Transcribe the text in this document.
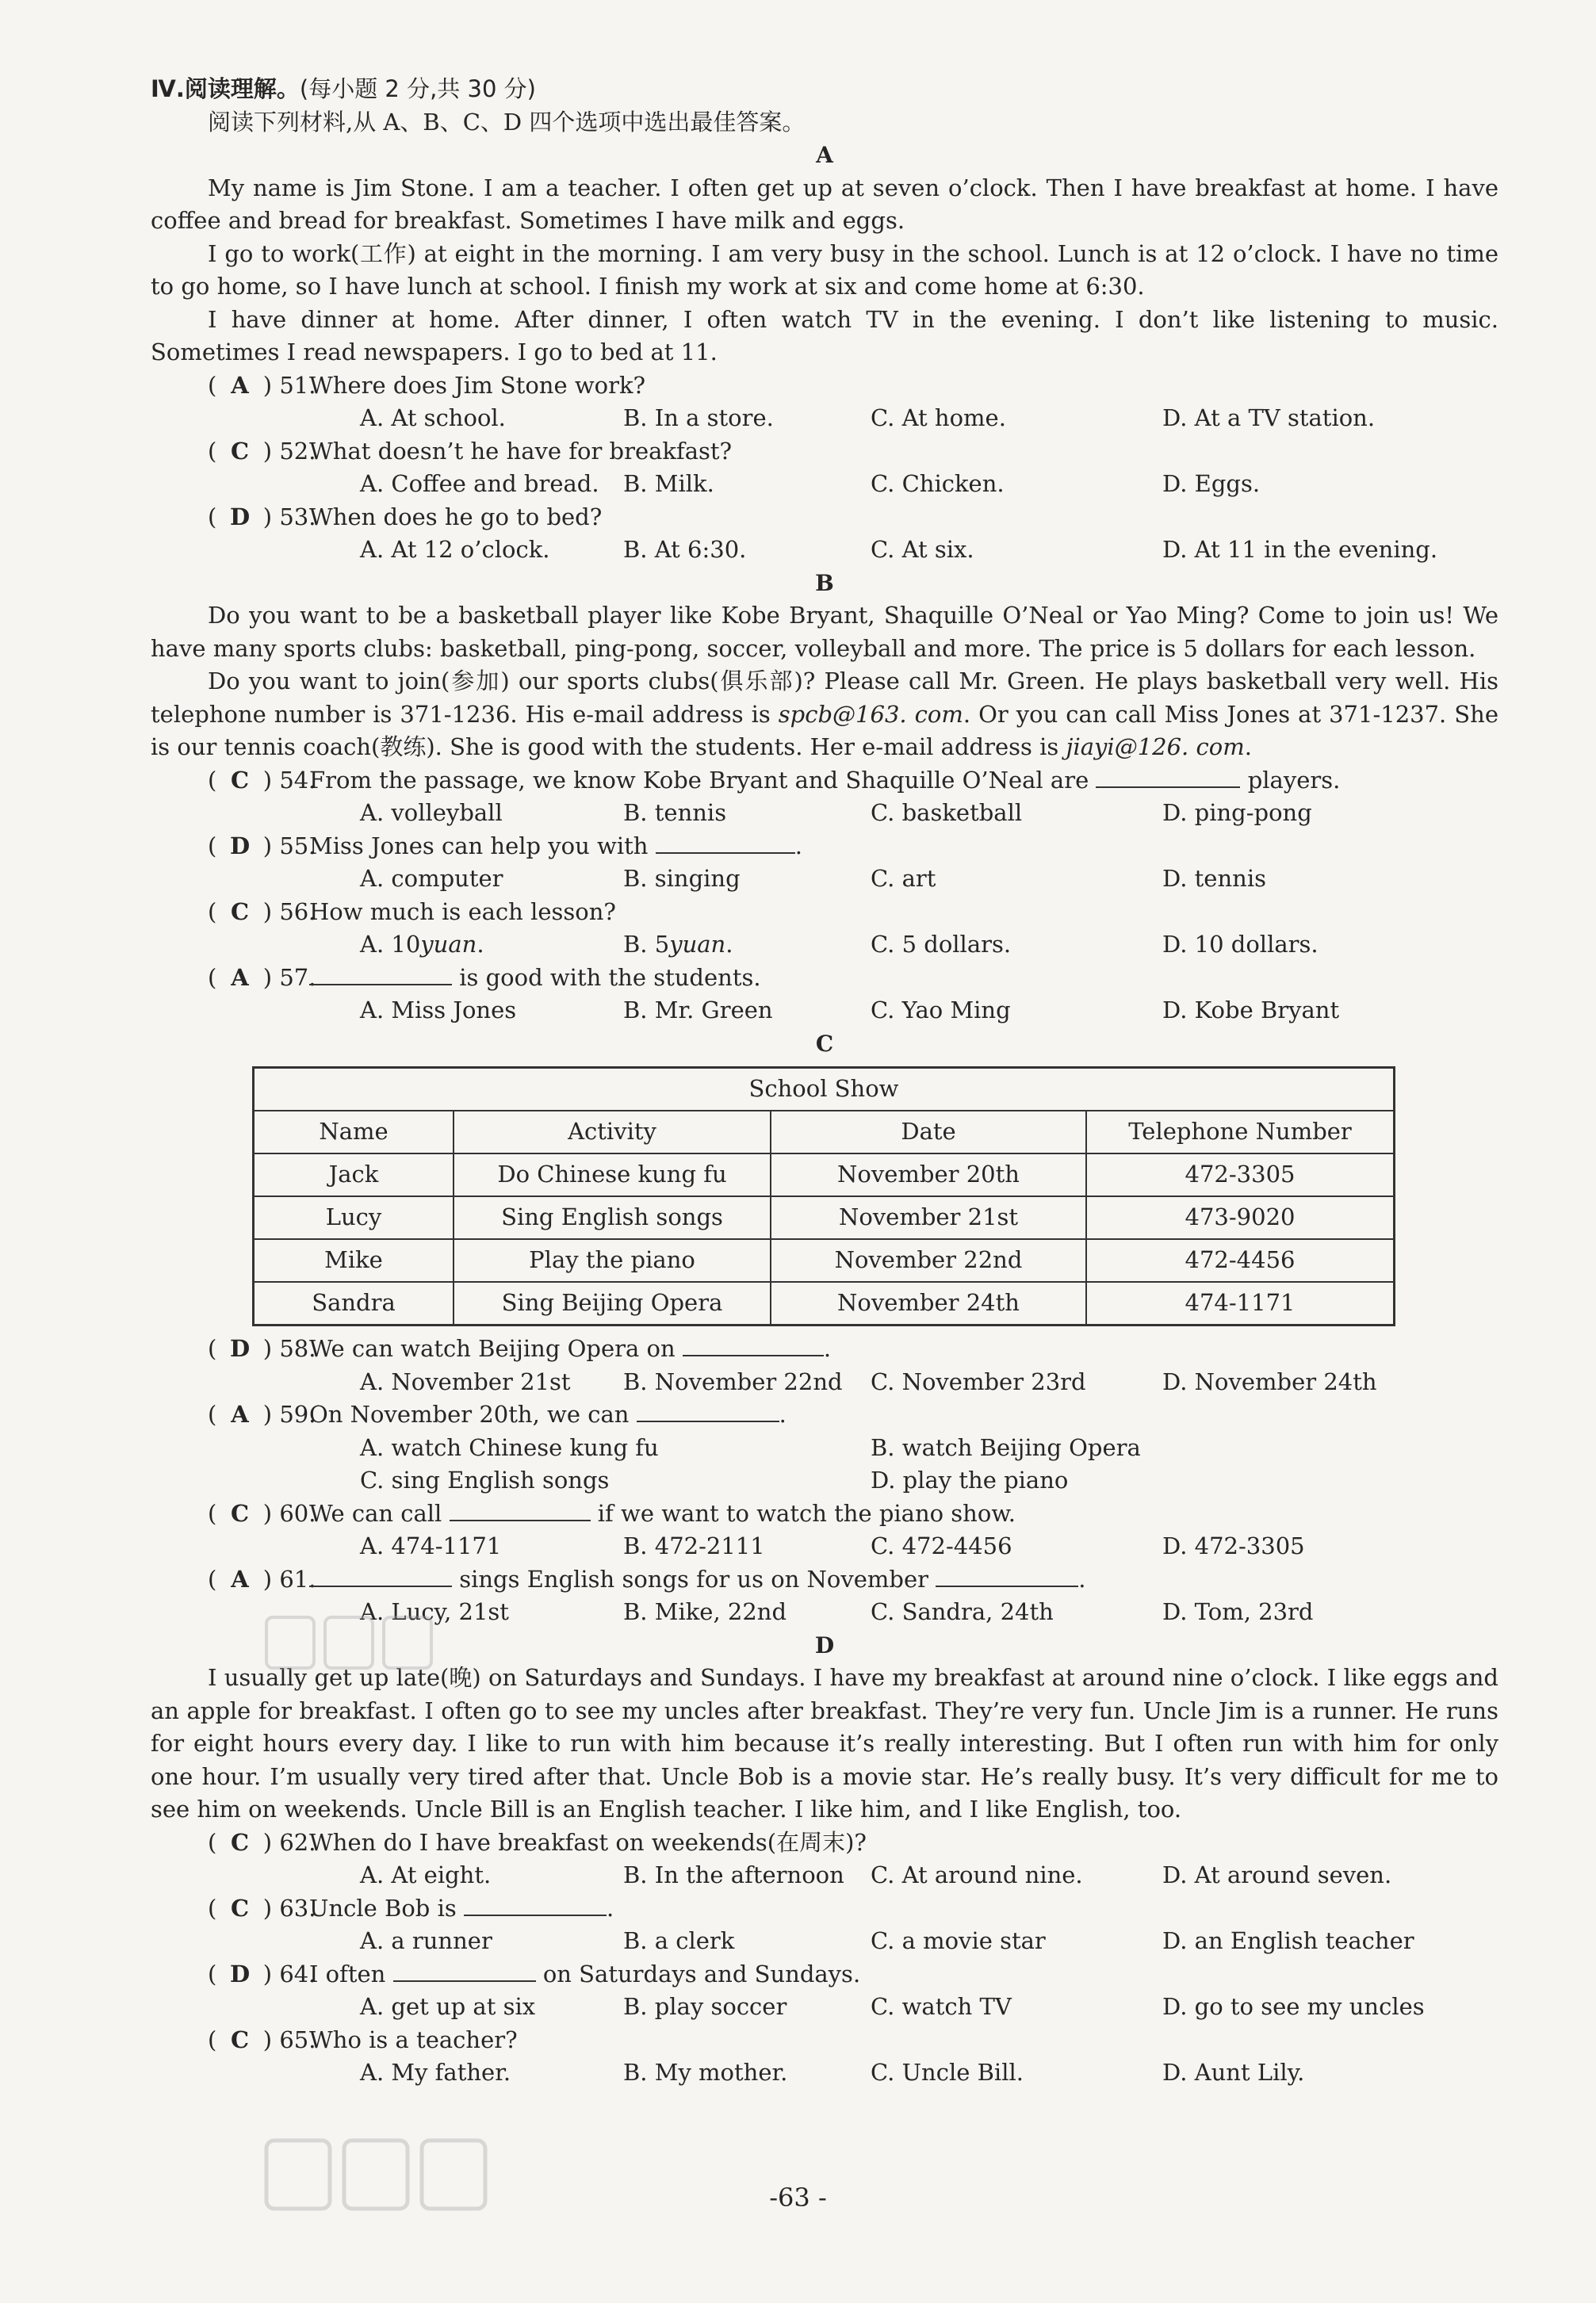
Ⅳ.阅读理解。(每小题 2 分,共 30 分)
阅读下列材料,从 A、B、C、D 四个选项中选出最佳答案。
A
My name is Jim Stone. I am a teacher. I often get up at seven o’clock. Then I have breakfast at home. I have coffee and bread for breakfast. Sometimes I have milk and eggs.
I go to work(工作) at eight in the morning. I am very busy in the school. Lunch is at 12 o’clock. I have no time to go home, so I have lunch at school. I finish my work at six and come home at 6:30.
I have dinner at home. After dinner, I often watch TV in the evening. I don’t like listening to music. Sometimes I read newspapers. I go to bed at 11.
( A ) 51.
Where does Jim Stone work?
A. At school.	B. In a store.	C. At home.	D. At a TV station.
( C ) 52.
What doesn’t he have for breakfast?
A. Coffee and bread.	B. Milk.	C. Chicken.	D. Eggs.
( D ) 53.
When does he go to bed?
A. At 12 o’clock.	B. At 6:30.	C. At six.	D. At 11 in the evening.
B
Do you want to be a basketball player like Kobe Bryant, Shaquille O’Neal or Yao Ming? Come to join us! We have many sports clubs: basketball, ping-pong, soccer, volleyball and more. The price is 5 dollars for each lesson.
Do you want to join(参加) our sports clubs(俱乐部)? Please call Mr. Green. He plays basketball very well. His telephone number is 371-1236. His e-mail address is spcb@163. com. Or you can call Miss Jones at 371-1237. She is our tennis coach(教练). She is good with the students. Her e-mail address is jiayi@126. com.
( C ) 54.
From the passage, we know Kobe Bryant and Shaquille O’Neal are	players.
A. volleyball	B. tennis	C. basketball	D. ping-pong
( D ) 55.
Miss Jones can help you with	.
A. computer	B. singing	C. art	D. tennis
( C ) 56.
How much is each lesson?
A. 10yuan.	B. 5yuan.	C. 5 dollars.	D. 10 dollars.
( A ) 57.	is good with the students.
A. Miss Jones	B. Mr. Green	C. Yao Ming	D. Kobe Bryant
C
School Show			
Name	Activity	Date	Telephone Number
Jack	Do Chinese kung fu	November 20th	472-3305
Lucy	Sing English songs	November 21st	473-9020
Mike	Play the piano	November 22nd	472-4456
Sandra	Sing Beijing Opera	November 24th	474-1171
( D ) 58.
We can watch Beijing Opera on	.
A. November 21st	B. November 22nd	C. November 23rd	D. November 24th
( A ) 59.
On November 20th, we can	.
A. watch Chinese kung fu	B. watch Beijing Opera
C. sing English songs	D. play the piano
( C ) 60.
We can call	if we want to watch the piano show.
A. 474-1171	B. 472-2111	C. 472-4456	D. 472-3305
( A ) 61.	sings English songs for us on November	.
A. Lucy, 21st	B. Mike, 22nd	C. Sandra, 24th	D. Tom, 23rd
D
I usually get up late(晚) on Saturdays and Sundays. I have my breakfast at around nine o’clock. I like eggs and an apple for breakfast. I often go to see my uncles after breakfast. They’re very fun. Uncle Jim is a runner. He runs for eight hours every day. I like to run with him because it’s really interesting. But I often run with him for only one hour. I’m usually very tired after that. Uncle Bob is a movie star. He’s really busy. It’s very difficult for me to see him on weekends. Uncle Bill is an English teacher. I like him, and I like English, too.
( C ) 62.
When do I have breakfast on weekends(在周末)?
A. At eight.	B. In the afternoon	C. At around nine.	D. At around seven.
( C ) 63.
Uncle Bob is	.
A. a runner	B. a clerk	C. a movie star	D. an English teacher
( D ) 64.
I often	on Saturdays and Sundays.
A. get up at six	B. play soccer	C. watch TV	D. go to see my uncles
( C ) 65.
Who is a teacher?
A. My father.	B. My mother.	C. Uncle Bill.	D. Aunt Lily.
-63 -
